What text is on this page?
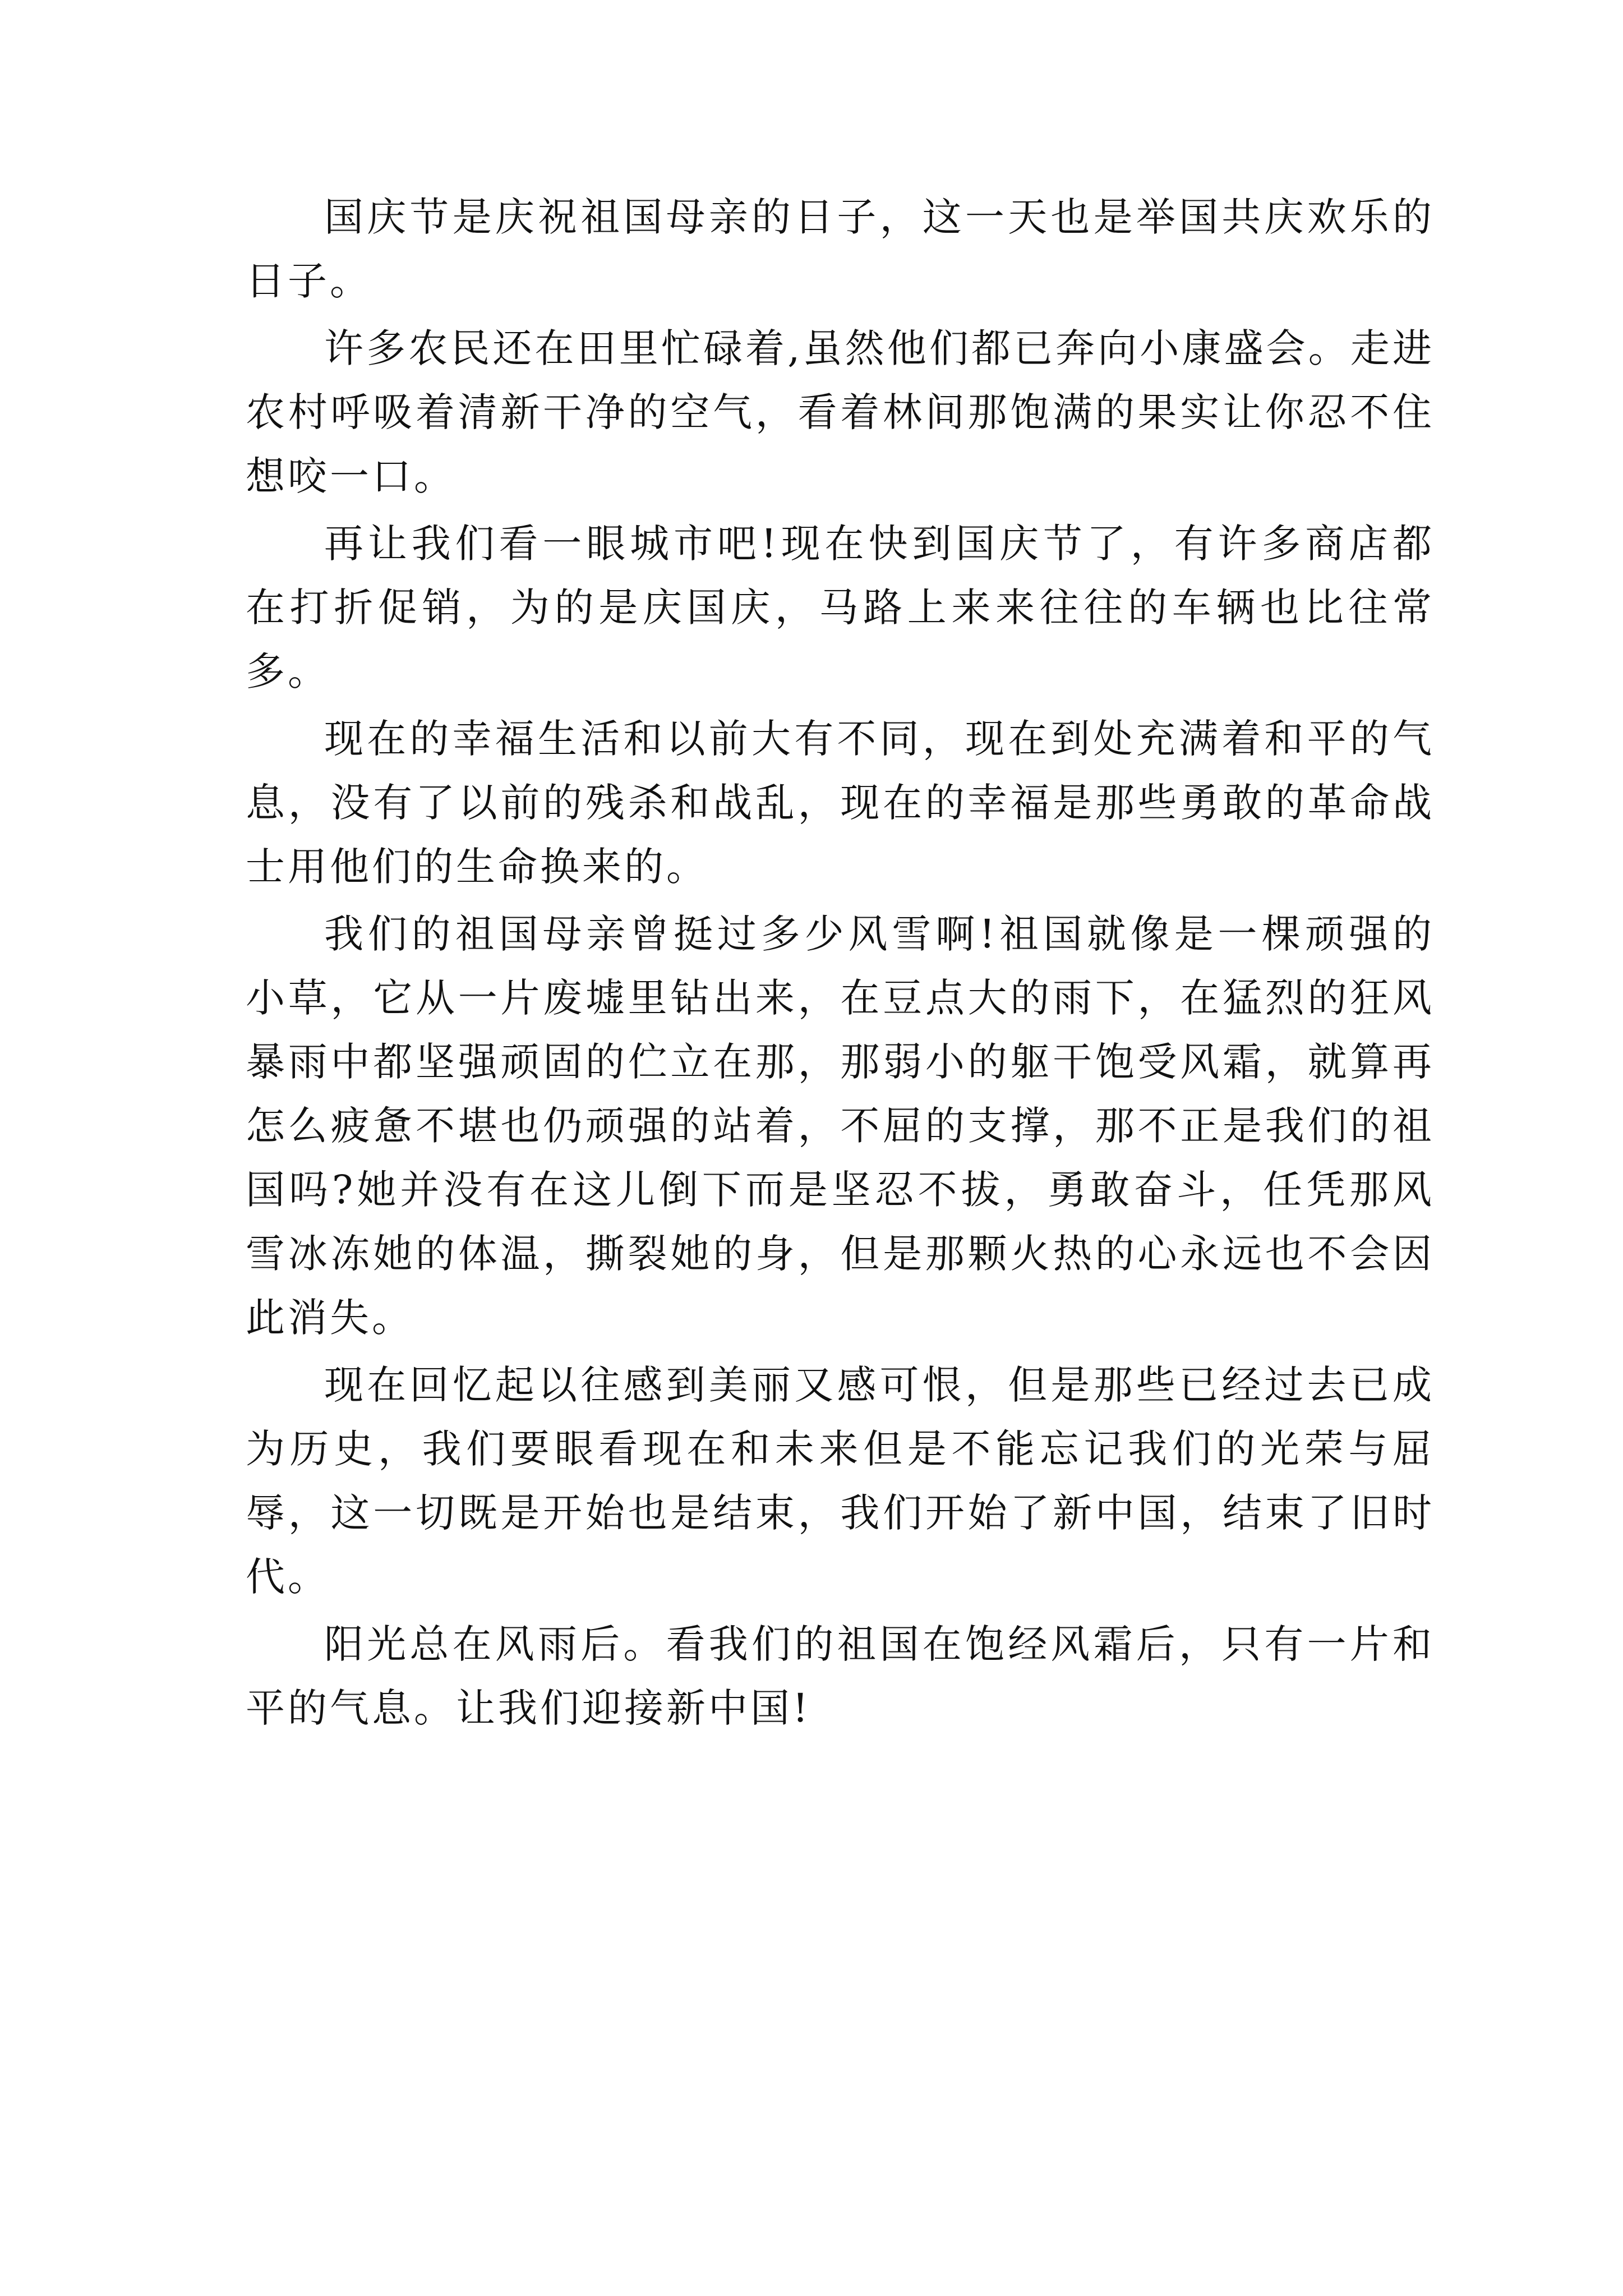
国庆节是庆祝祖国母亲的日子，这一天也是举国共庆欢乐的日子。

许多农民还在田里忙碌着,虽然他们都已奔向小康盛会。走进农村呼吸着清新干净的空气，看着林间那饱满的果实让你忍不住想咬一口。

再让我们看一眼城市吧!现在快到国庆节了，有许多商店都在打折促销，为的是庆国庆，马路上来来往往的车辆也比往常多。

现在的幸福生活和以前大有不同，现在到处充满着和平的气息，没有了以前的残杀和战乱，现在的幸福是那些勇敢的革命战士用他们的生命换来的。

我们的祖国母亲曾挺过多少风雪啊!祖国就像是一棵顽强的小草，它从一片废墟里钻出来，在豆点大的雨下，在猛烈的狂风暴雨中都坚强顽固的伫立在那，那弱小的躯干饱受风霜，就算再怎么疲惫不堪也仍顽强的站着，不屈的支撑，那不正是我们的祖国吗?她并没有在这儿倒下而是坚忍不拔，勇敢奋斗，任凭那风雪冰冻她的体温，撕裂她的身，但是那颗火热的心永远也不会因此消失。

现在回忆起以往感到美丽又感可恨，但是那些已经过去已成为历史，我们要眼看现在和未来但是不能忘记我们的光荣与屈辱，这一切既是开始也是结束，我们开始了新中国，结束了旧时代。

阳光总在风雨后。看我们的祖国在饱经风霜后，只有一片和平的气息。让我们迎接新中国!
